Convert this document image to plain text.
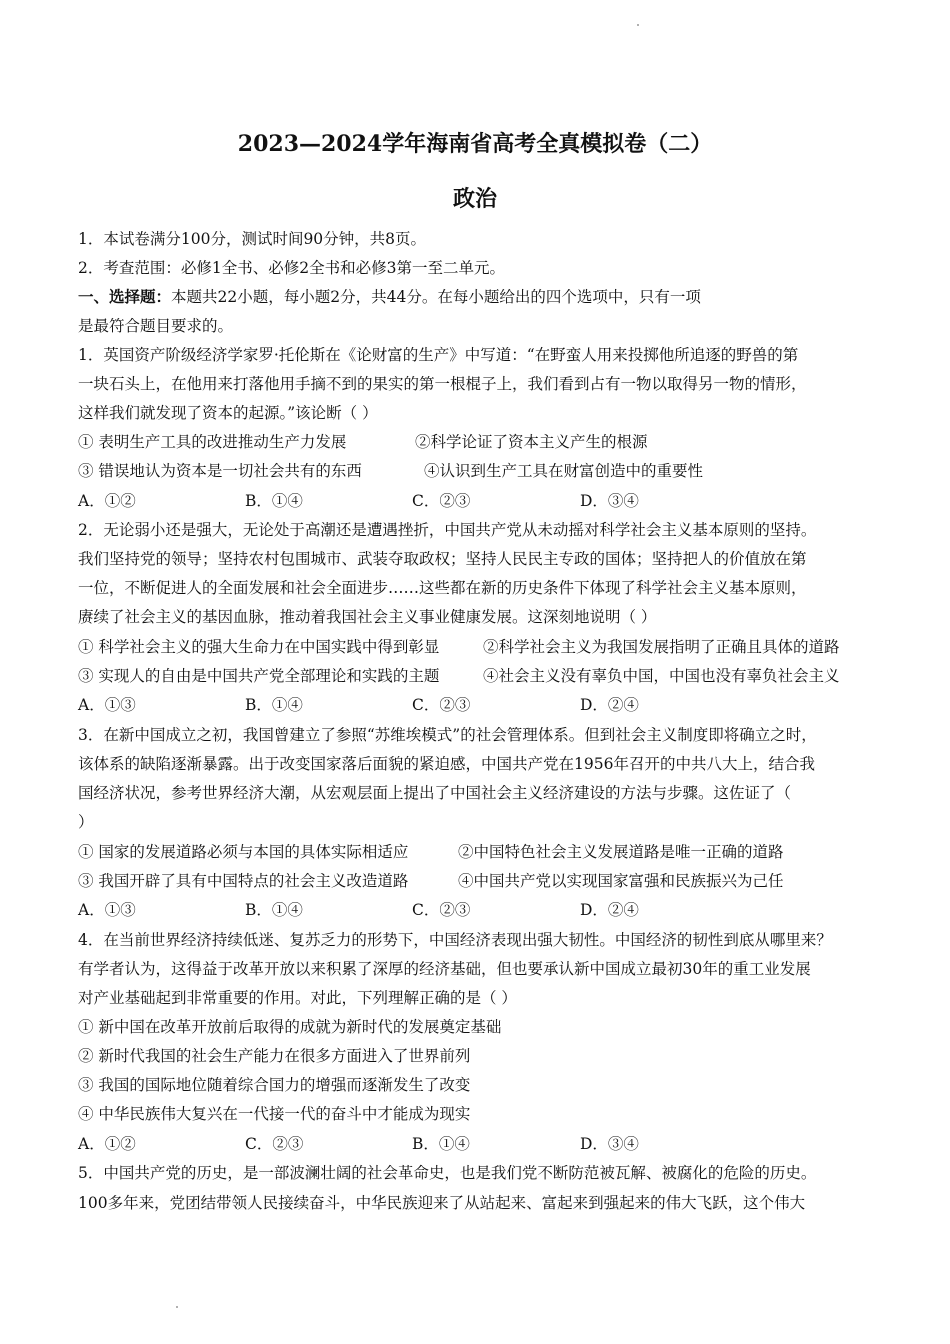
2023—2024学年海南省高考全真模拟卷（二）
政治
1．本试卷满分100分，测试时间90分钟，共8页。
2．考查范围：必修1全书、必修2全书和必修3第一至二单元。
一、选择题：本题共22小题，每小题2分，共44分。在每小题给出的四个选项中，只有一项
是最符合题目要求的。
1．英国资产阶级经济学家罗·托伦斯在《论财富的生产》中写道：“在野蛮人用来投掷他所追逐的野兽的第
一块石头上，在他用来打落他用手摘不到的果实的第一根棍子上，我们看到占有一物以取得另一物的情形，
这样我们就发现了资本的起源。”该论断（ ）
① 表明生产工具的改进推动生产力发展	②科学论证了资本主义产生的根源
③ 错误地认为资本是一切社会共有的东西	④认识到生产工具在财富创造中的重要性
A．①②	B．①④	C．②③	D．③④
2．无论弱小还是强大，无论处于高潮还是遭遇挫折，中国共产党从未动摇对科学社会主义基本原则的坚持。
我们坚持党的领导；坚持农村包围城市、武装夺取政权；坚持人民民主专政的国体；坚持把人的价值放在第
一位，不断促进人的全面发展和社会全面进步……这些都在新的历史条件下体现了科学社会主义基本原则，
赓续了社会主义的基因血脉，推动着我国社会主义事业健康发展。这深刻地说明（ ）
① 科学社会主义的强大生命力在中国实践中得到彰显	②科学社会主义为我国发展指明了正确且具体的道路
③ 实现人的自由是中国共产党全部理论和实践的主题	④社会主义没有辜负中国，中国也没有辜负社会主义
A．①③	B．①④	C．②③	D．②④
3．在新中国成立之初，我国曾建立了参照“苏维埃模式”的社会管理体系。但到社会主义制度即将确立之时，
该体系的缺陷逐渐暴露。出于改变国家落后面貌的紧迫感，中国共产党在1956年召开的中共八大上，结合我
国经济状况，参考世界经济大潮，从宏观层面上提出了中国社会主义经济建设的方法与步骤。这佐证了（
）
① 国家的发展道路必须与本国的具体实际相适应	②中国特色社会主义发展道路是唯一正确的道路
③ 我国开辟了具有中国特点的社会主义改造道路	④中国共产党以实现国家富强和民族振兴为己任
A．①③	B．①④	C．②③	D．②④
4．在当前世界经济持续低迷、复苏乏力的形势下，中国经济表现出强大韧性。中国经济的韧性到底从哪里来？
有学者认为，这得益于改革开放以来积累了深厚的经济基础，但也要承认新中国成立最初30年的重工业发展
对产业基础起到非常重要的作用。对此，下列理解正确的是（ ）
① 新中国在改革开放前后取得的成就为新时代的发展奠定基础
② 新时代我国的社会生产能力在很多方面进入了世界前列
③ 我国的国际地位随着综合国力的增强而逐渐发生了改变
④ 中华民族伟大复兴在一代接一代的奋斗中才能成为现实
A．①②	C．②③	B．①④	D．③④
5．中国共产党的历史，是一部波澜壮阔的社会革命史，也是我们党不断防范被瓦解、被腐化的危险的历史。
100多年来，党团结带领人民接续奋斗，中华民族迎来了从站起来、富起来到强起来的伟大飞跃，这个伟大
